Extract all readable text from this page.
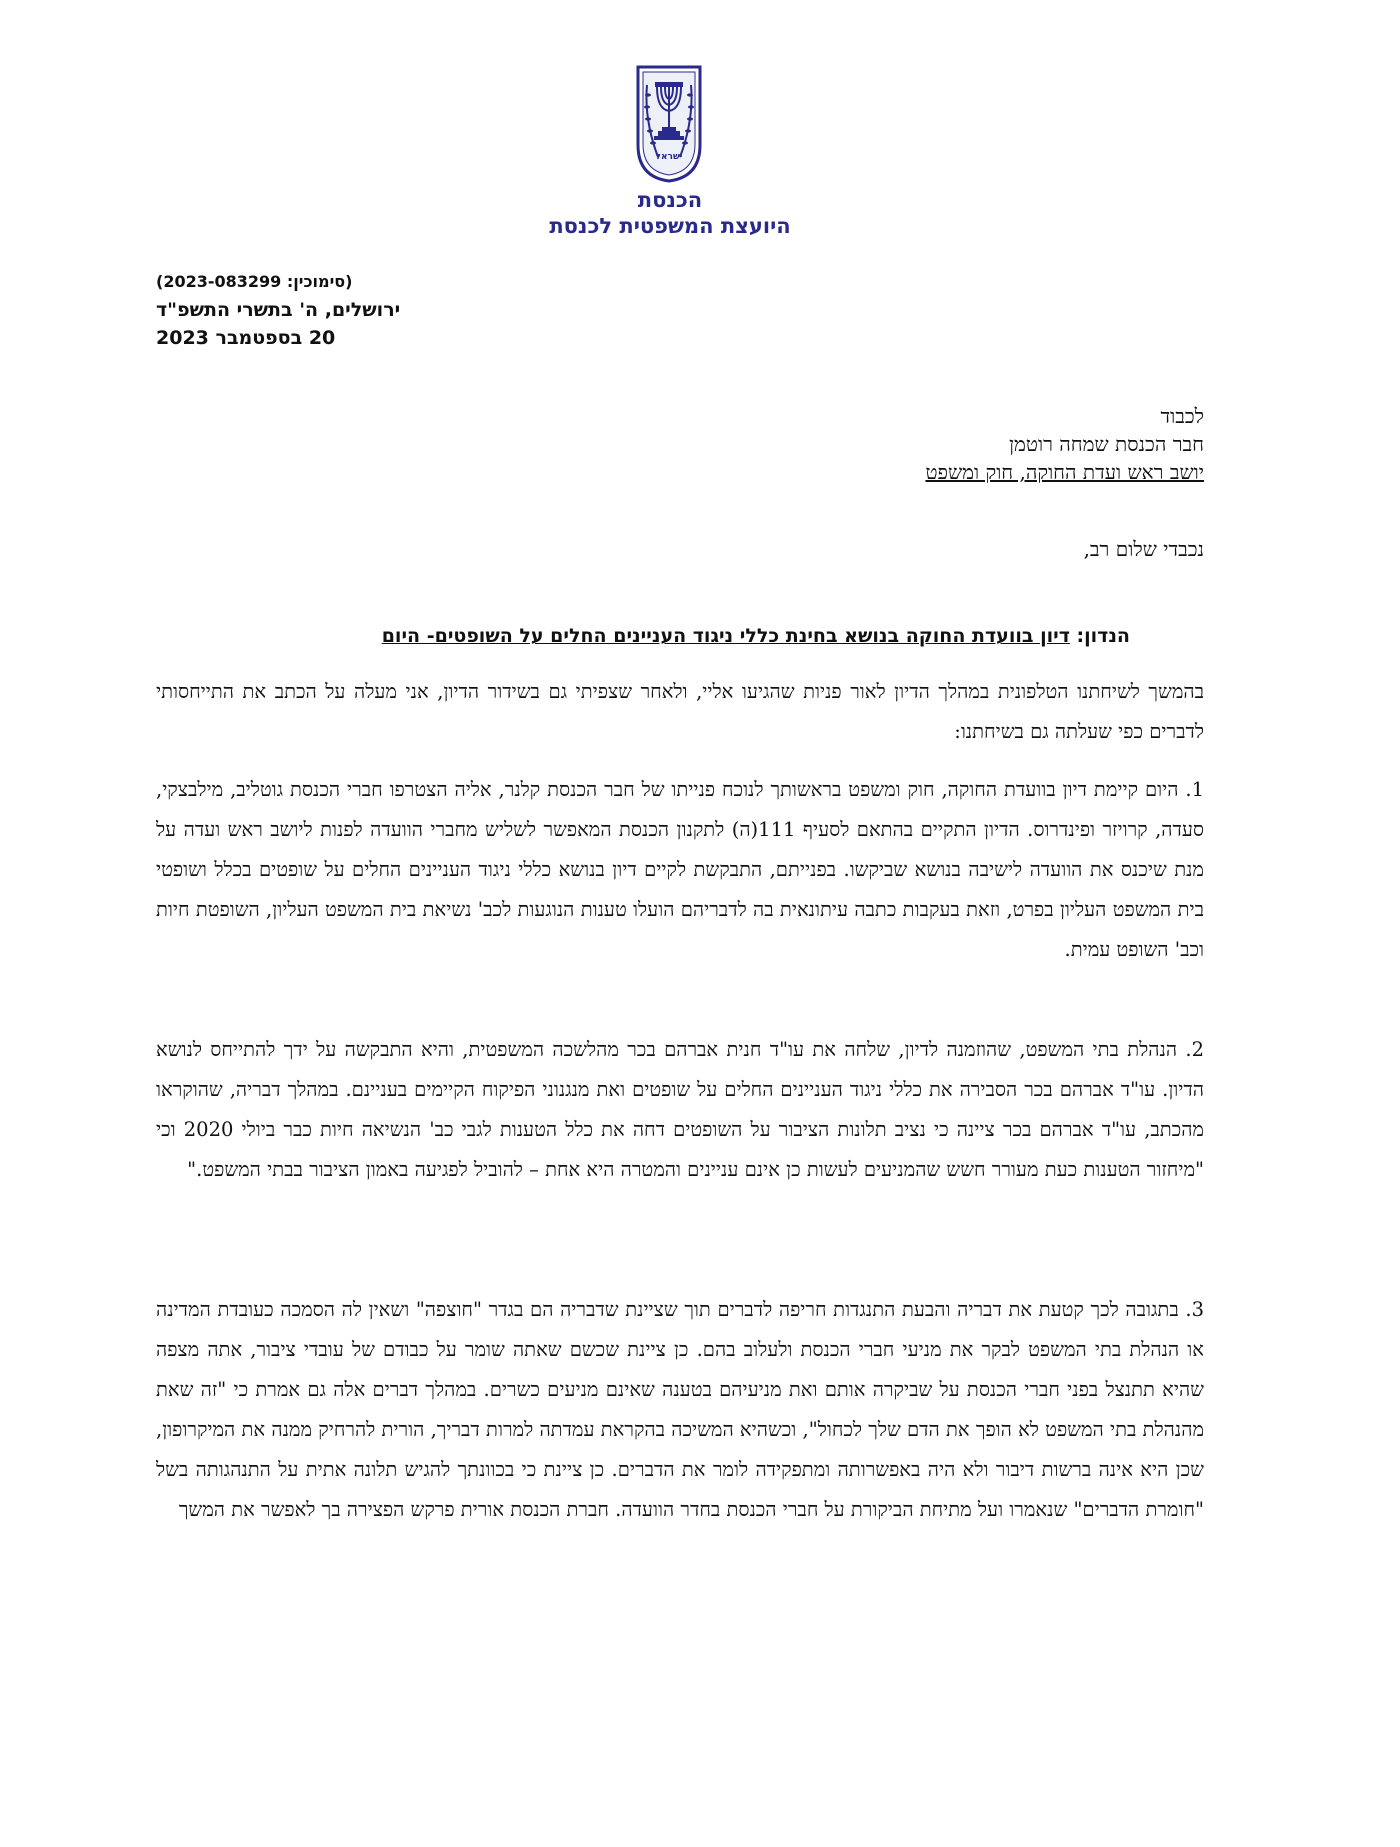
ישראל
הכנסת
היועצת המשפטית לכנסת
(סימוכין: 2023-083299)
ירושלים, ה' בתשרי התשפ"ד
20 בספטמבר 2023
לכבוד
חבר הכנסת שמחה רוטמן
יושב ראש ועדת החוקה, חוק ומשפט
נכבדי שלום רב,
הנדון: דיון בוועדת החוקה בנושא בחינת כללי ניגוד העניינים החלים על השופטים- היום
בהמשך לשיחתנו הטלפונית במהלך הדיון לאור פניות שהגיעו אליי, ולאחר שצפיתי גם בשידור הדיון, אני מעלה על הכתב את התייחסותי לדברים כפי שעלתה גם בשיחתנו:
1. היום קיימת דיון בוועדת החוקה, חוק ומשפט בראשותך לנוכח פנייתו של חבר הכנסת קלנר, אליה הצטרפו חברי הכנסת גוטליב, מילבצקי, סעדה, קרויזר ופינדרוס. הדיון התקיים בהתאם לסעיף 111(ה) לתקנון הכנסת המאפשר לשליש מחברי הוועדה לפנות ליושב ראש ועדה על מנת שיכנס את הוועדה לישיבה בנושא שביקשו. בפנייתם, התבקשת לקיים דיון בנושא כללי ניגוד העניינים החלים על שופטים בכלל ושופטי בית המשפט העליון בפרט, וזאת בעקבות כתבה עיתונאית בה לדבריהם הועלו טענות הנוגעות לכב' נשיאת בית המשפט העליון, השופטת חיות וכב' השופט עמית.
2. הנהלת בתי המשפט, שהוזמנה לדיון, שלחה את עו"ד חנית אברהם בכר מהלשכה המשפטית, והיא התבקשה על ידך להתייחס לנושא הדיון. עו"ד אברהם בכר הסבירה את כללי ניגוד העניינים החלים על שופטים ואת מנגנוני הפיקוח הקיימים בעניינם. במהלך דבריה, שהוקראו מהכתב, עו"ד אברהם בכר ציינה כי נציב תלונות הציבור על השופטים דחה את כלל הטענות לגבי כב' הנשיאה חיות כבר ביולי 2020 וכי "מיחזור הטענות כעת מעורר חשש שהמניעים לעשות כן אינם עניינים והמטרה היא אחת – להוביל לפגיעה באמון הציבור בבתי המשפט."
3. בתגובה לכך קטעת את דבריה והבעת התנגדות חריפה לדברים תוך שציינת שדבריה הם בגדר "חוצפה" ושאין לה הסמכה כעובדת המדינה או הנהלת בתי המשפט לבקר את מניעי חברי הכנסת ולעלוב בהם. כן ציינת שכשם שאתה שומר על כבודם של עובדי ציבור, אתה מצפה שהיא תתנצל בפני חברי הכנסת על שביקרה אותם ואת מניעיהם בטענה שאינם מניעים כשרים. במהלך דברים אלה גם אמרת כי "זה שאת מהנהלת בתי המשפט לא הופך את הדם שלך לכחול", וכשהיא המשיכה בהקראת עמדתה למרות דבריך, הורית להרחיק ממנה את המיקרופון, שכן היא אינה ברשות דיבור ולא היה באפשרותה ומתפקידה לומר את הדברים. כן ציינת כי בכוונתך להגיש תלונה אתית על התנהגותה בשל "חומרת הדברים" שנאמרו ועל מתיחת הביקורת על חברי הכנסת בחדר הוועדה. חברת הכנסת אורית פרקש הפצירה בך לאפשר את המשך
